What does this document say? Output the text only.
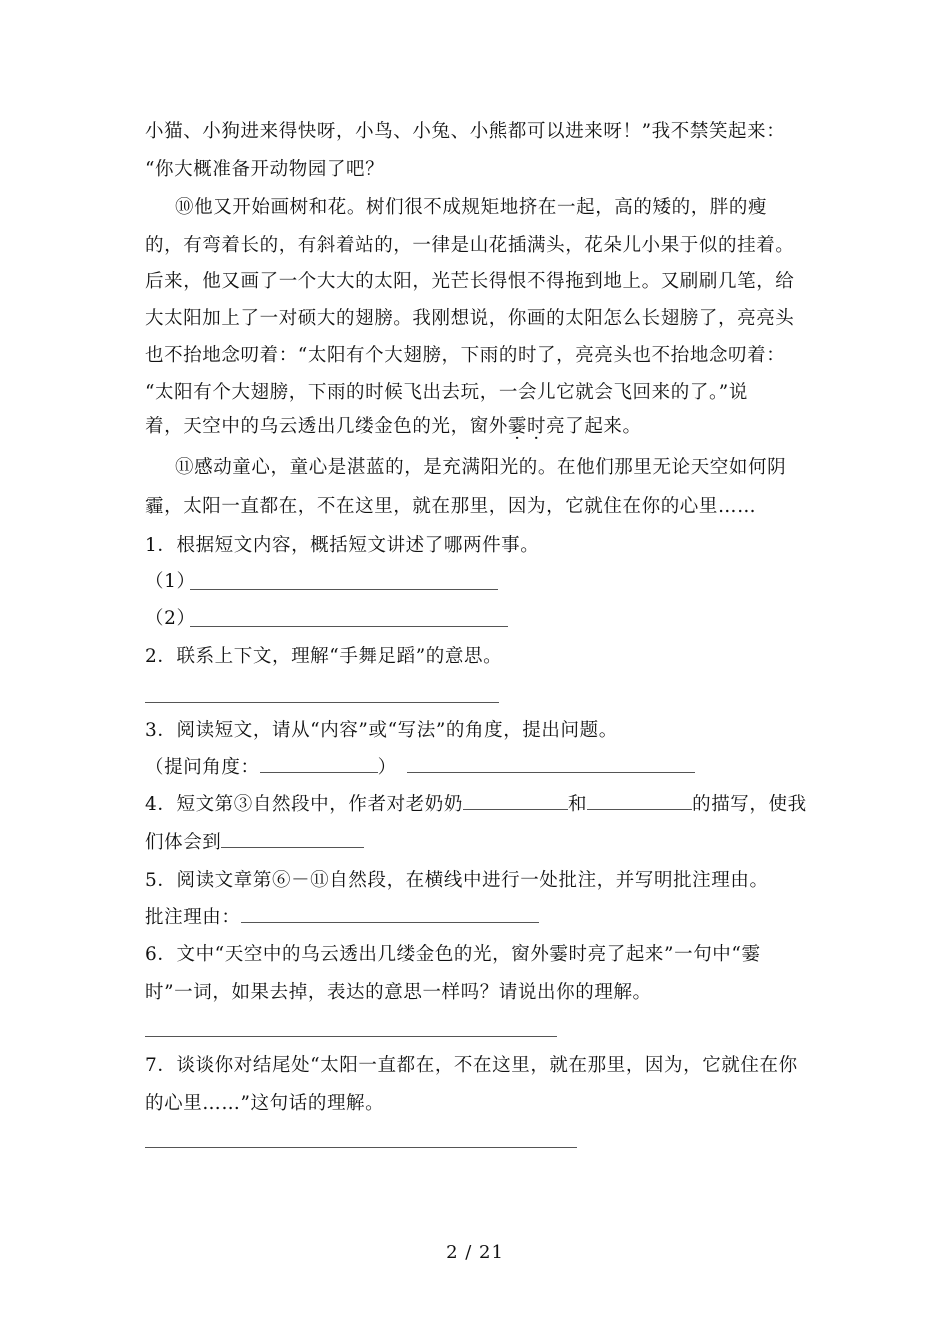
小猫、小狗进来得快呀，小鸟、小兔、小熊都可以进来呀！”我不禁笑起来：
“你大概准备开动物园了吧？
⑩他又开始画树和花。树们很不成规矩地挤在一起，高的矮的，胖的瘦
的，有弯着长的，有斜着站的，一律是山花插满头，花朵儿小果于似的挂着。
后来，他又画了一个大大的太阳，光芒长得恨不得拖到地上。又刷刷几笔，给
大太阳加上了一对硕大的翅膀。我刚想说，你画的太阳怎么长翅膀了，亮亮头
也不抬地念叨着：“太阳有个大翅膀，下雨的时了，亮亮头也不抬地念叨着：
“太阳有个大翅膀，下雨的时候飞出去玩，一会儿它就会飞回来的了。”说
着，天空中的乌云透出几缕金色的光，窗外霎时亮了起来。
⑪感动童心，童心是湛蓝的，是充满阳光的。在他们那里无论天空如何阴
霾，太阳一直都在，不在这里，就在那里，因为，它就住在你的心里……
1．根据短文内容，概括短文讲述了哪两件事。
（1）
（2）
2．联系上下文，理解“手舞足蹈”的意思。
3．阅读短文，请从“内容”或“写法”的角度，提出问题。
（提问角度：	）
4．短文第③自然段中，作者对老奶奶	和	的描写，使我
们体会到
5．阅读文章第⑥－⑪自然段，在横线中进行一处批注，并写明批注理由。
批注理由：
6．文中“天空中的乌云透出几缕金色的光，窗外霎时亮了起来”一句中“霎
时”一词，如果去掉，表达的意思一样吗？请说出你的理解。
7．谈谈你对结尾处“太阳一直都在，不在这里，就在那里，因为，它就住在你
的心里……”这句话的理解。
2 / 21
